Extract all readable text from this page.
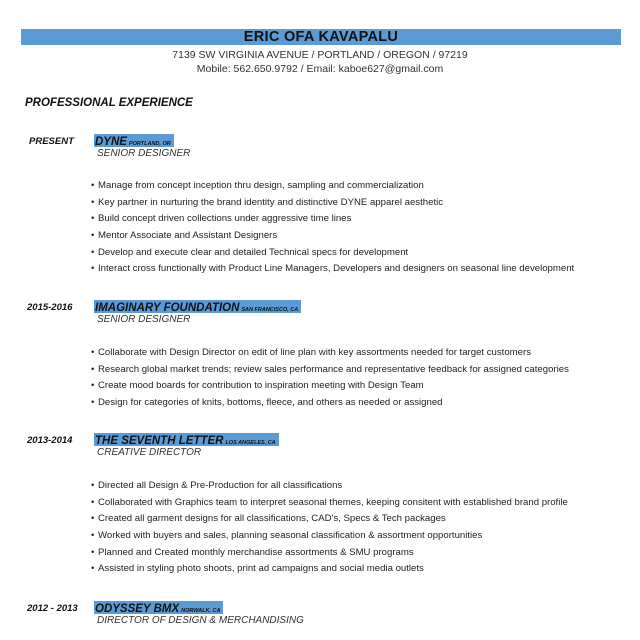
ERIC OFA KAVAPALU
7139 SW VIRGINIA AVENUE / PORTLAND / OREGON / 97219
Mobile: 562.650.9792 / Email: kaboe627@gmail.com
PROFESSIONAL EXPERIENCE
PRESENT DYNE PORTLAND, OR
SENIOR DESIGNER
• Manage from concept inception thru design, sampling and commercialization
• Key partner in nurturing the brand identity and distinctive DYNE apparel aesthetic
• Build concept driven collections under aggressive time lines
• Mentor Associate and Assistant Designers
• Develop and execute clear and detailed Technical specs for development
• Interact cross functionally with Product Line Managers, Developers and designers on seasonal line development
2015-2016 IMAGINARY FOUNDATION SAN FRANCISCO, CA
SENIOR DESIGNER
• Collaborate with Design Director on edit of line plan with key assortments needed for target customers
• Research global market trends; review sales performance and representative feedback for assigned categories
• Create mood boards for contribution to inspiration meeting with Design Team
• Design for categories of knits, bottoms, fleece, and others as needed or assigned
2013-2014 THE SEVENTH LETTER LOS ANGELES, CA
CREATIVE DIRECTOR
• Directed all Design & Pre-Production for all classifications
• Collaborated with Graphics team to interpret seasonal themes, keeping consitent with established brand profile
• Created all garment designs for all classifications, CAD's, Specs & Tech packages
• Worked with buyers and sales, planning seasonal classification & assortment opportunities
• Planned and Created monthly merchandise assortments & SMU programs
• Assisted in styling photo shoots, print ad campaigns and social media outlets
2012 - 2013 ODYSSEY BMX NORWALK, CA
DIRECTOR OF DESIGN & MERCHANDISING
